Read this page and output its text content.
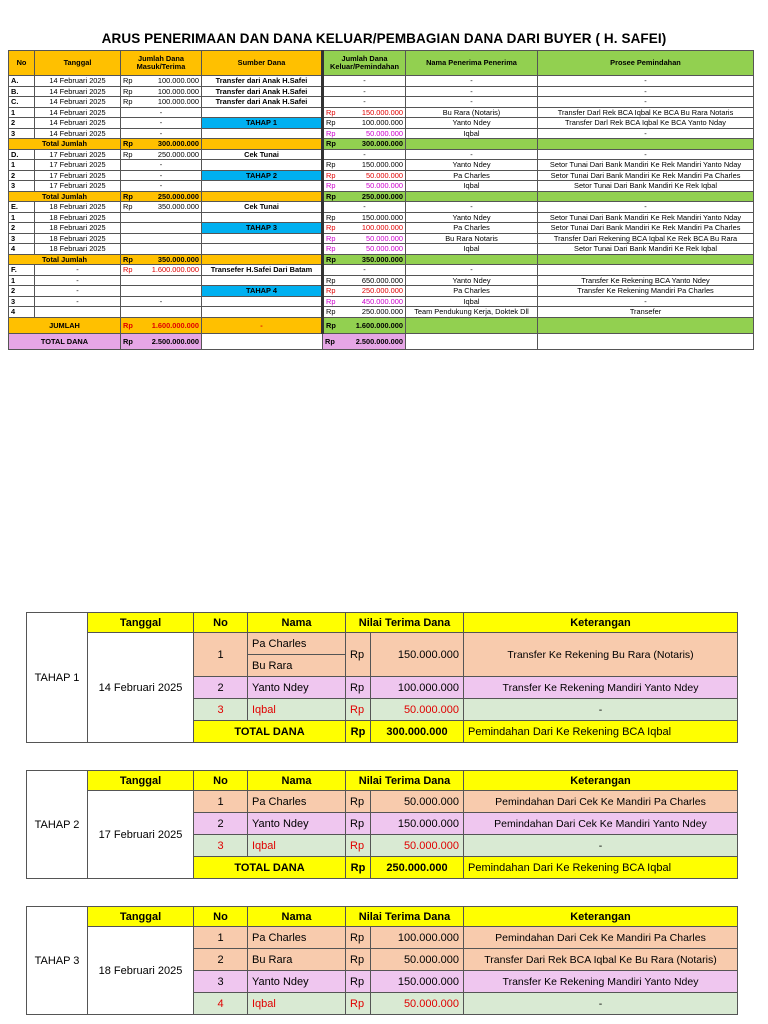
ARUS PENERIMAAN DAN DANA KELUAR/PEMBAGIAN DANA DARI BUYER ( H. SAFEI)
No	Tanggal	Jumlah Dana Masuk/Terima	Sumber Dana	Jumlah Dana Keluar/Pemindahan	Nama Penerima Penerima	Prosee Pemindahan
A.	14 Februari 2025	Rp 100.000.000	Transfer dari Anak H.Safei	-	-	-
B.	14 Februari 2025	Rp 100.000.000	Transfer dari Anak H.Safei	-	-	-
C.	14 Februari 2025	Rp 100.000.000	Transfer dari Anak H.Safei	-	-	-
1	14 Februari 2025	-		Rp 150.000.000	Bu Rara (Notaris)	Transfer Darl Rek BCA Iqbal Ke BCA Bu Rara Notaris
2	14 Februari 2025	-	TAHAP 1	Rp 100.000.000	Yanto Ndey	Transfer Darl Rek BCA Iqbal Ke BCA Yanto Nday
3	14 Februari 2025	-		Rp 50.000.000	Iqbal	-
Total Jumlah		Rp 300.000.000		Rp 300.000.000		

D.	17 Februari 2025	Rp 250.000.000	Cek Tunai	-	-	-
1	17 Februari 2025	-		Rp 150.000.000	Yanto Ndey	Setor Tunai Dari Bank Mandiri Ke Rek Mandiri Yanto Nday
2	17 Februari 2025	-	TAHAP 2	Rp 50.000.000	Pa Charles	Setor Tunai Dari Bank Mandiri Ke Rek Mandiri Pa Charles
3	17 Februari 2025	-		Rp 50.000.000	Iqbal	Setor Tunai Dari Bank Mandiri Ke Rek Iqbal
Total Jumlah		Rp 250.000.000		Rp 250.000.000		

E.	18 Februari 2025	Rp 350.000.000	Cek Tunai	-	-	-
1	18 Februari 2025			Rp 150.000.000	Yanto Ndey	Setor Tunai Dari Bank Mandiri Ke Rek Mandiri Yanto Nday
2	18 Februari 2025		TAHAP 3	Rp 100.000.000	Pa Charles	Setor Tunai Dari Bank Mandiri Ke Rek Mandiri Pa Charles
3	18 Februari 2025			Rp 50.000.000	Bu Rara Notaris	Transfer Dari Rekening BCA Iqbal Ke Rek BCA Bu Rara
4	18 Februari 2025			Rp 50.000.000	Iqbal	Setor Tunai Dari Bank Mandiri Ke Rek Iqbal
Total Jumlah		Rp 350.000.000		Rp 350.000.000		

F.	-	Rp 1.600.000.000	Transefer H.Safei Dari Batam	-	-	
1	-			Rp 650.000.000	Yanto Ndey	Transfer Ke Rekening BCA Yanto Ndey
2	-		TAHAP 4	Rp 250.000.000	Pa Charles	Transfer Ke Rekening Mandiri Pa Charles
3	-	-		Rp 450.000.000	Iqbal	-
4				Rp 250.000.000	Team Pendukung Kerja, Doktek Dll	Transefer
JUMLAH		Rp 1.600.000.000	-	Rp 1.600.000.000		

TOTAL DANA		Rp 2.500.000.000		Rp 2.500.000.000		

TAHAP 1	Tanggal	No	Nama	Nilai Terima Dana		Keterangan
	14 Februari 2025	1	Pa Charles	Rp	150.000.000	Transfer Ke Rekening Bu Rara (Notaris)
			Bu Rara			
		2	Yanto Ndey	Rp	100.000.000	Transfer Ke Rekening Mandiri Yanto Ndey
		3	Iqbal	Rp	50.000.000	-
		TOTAL DANA		Rp	300.000.000	Pemindahan Dari Ke Rekening BCA Iqbal
TAHAP 2	Tanggal	No	Nama	Nilai Terima Dana		Keterangan
	17 Februari 2025	1	Pa Charles	Rp	50.000.000	Pemindahan Dari Cek Ke Mandiri Pa Charles
		2	Yanto Ndey	Rp	150.000.000	Pemindahan Dari Cek Ke Mandiri Yanto Ndey
		3	Iqbal	Rp	50.000.000	-
		TOTAL DANA		Rp	250.000.000	Pemindahan Dari Ke Rekening BCA Iqbal
TAHAP 3	Tanggal	No	Nama	Nilai Terima Dana		Keterangan
	18 Februari 2025	1	Pa Charles	Rp	100.000.000	Pemindahan Dari Cek Ke Mandiri Pa Charles
		2	Bu Rara	Rp	50.000.000	Transfer Dari Rek BCA Iqbal Ke Bu Rara (Notaris)
		3	Yanto Ndey	Rp	150.000.000	Transfer Ke Rekening Mandiri Yanto Ndey
		4	Iqbal	Rp	50.000.000	-
